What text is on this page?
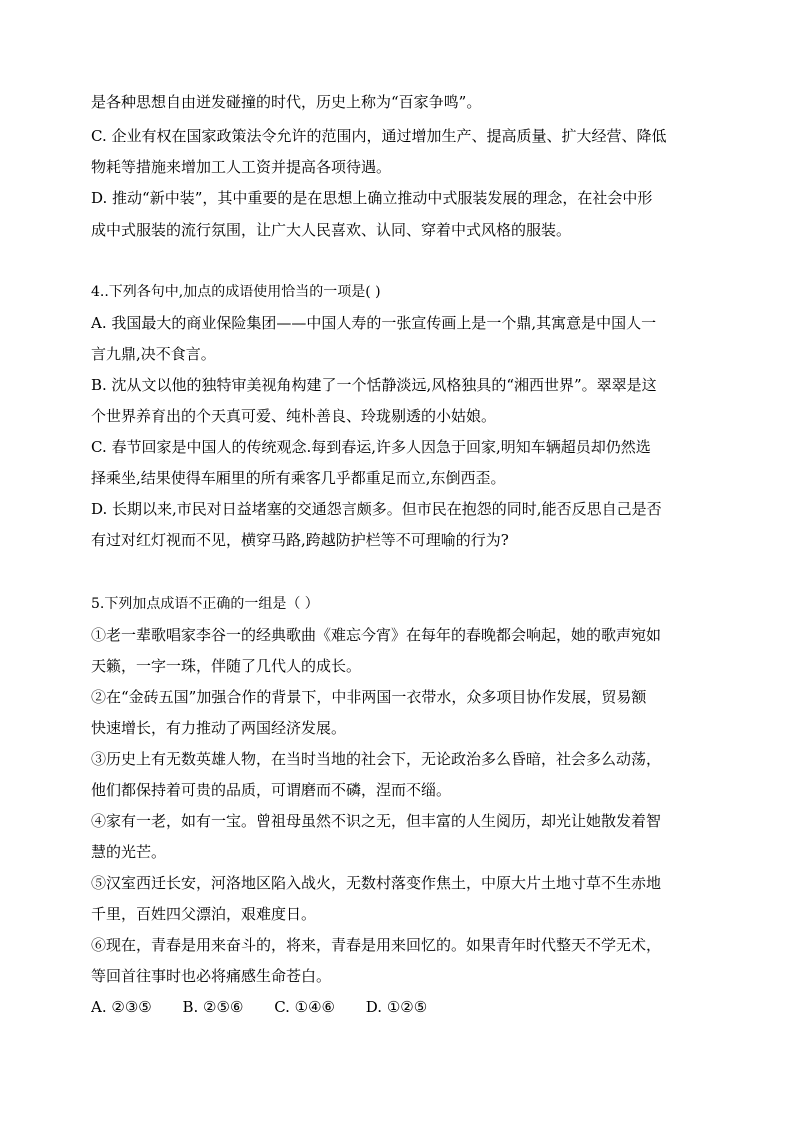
是各种思想自由迸发碰撞的时代，历史上称为“百家争鸣”。
C. 企业有权在国家政策法令允许的范围内，通过增加生产、提高质量、扩大经营、降低
物耗等措施来增加工人工资并提高各项待遇。
D. 推动“新中装”，其中重要的是在思想上确立推动中式服装发展的理念，在社会中形
成中式服装的流行氛围，让广大人民喜欢、认同、穿着中式风格的服装。
4..下列各句中,加点的成语使用恰当的一项是( )
A. 我国最大的商业保险集团——中国人寿的一张宣传画上是一个鼎,其寓意是中国人一
言九鼎,决不食言。
B. 沈从文以他的独特审美视角构建了一个恬静淡远,风格独具的“湘西世界”。翠翠是这
个世界养育出的个天真可爱、纯朴善良、玲珑剔透的小姑娘。
C. 春节回家是中国人的传统观念.每到春运,许多人因急于回家,明知车辆超员却仍然选
择乘坐,结果使得车厢里的所有乘客几乎都重足而立,东倒西歪。
D. 长期以来,市民对日益堵塞的交通怨言颇多。但市民在抱怨的同时,能否反思自己是否
有过对红灯视而不见，横穿马路,跨越防护栏等不可理喻的行为?
5.下列加点成语不正确的一组是（ ）
①老一辈歌唱家李谷一的经典歌曲《难忘今宵》在每年的春晚都会响起，她的歌声宛如
天籁，一字一珠，伴随了几代人的成长。
②在“金砖五国”加强合作的背景下，中非两国一衣带水，众多项目协作发展，贸易额
快速增长，有力推动了两国经济发展。
③历史上有无数英雄人物，在当时当地的社会下，无论政治多么昏暗，社会多么动荡，
他们都保持着可贵的品质，可谓磨而不磷，涅而不缁。
④家有一老，如有一宝。曾祖母虽然不识之无，但丰富的人生阅历，却光让她散发着智
慧的光芒。
⑤汉室西迁长安，河洛地区陷入战火，无数村落变作焦土，中原大片土地寸草不生赤地
千里，百姓四父漂泊，艰难度日。
⑥现在，青春是用来奋斗的，将来，青春是用来回忆的。如果青年时代整天不学无术，
等回首往事时也必将痛感生命苍白。
A. ②③⑤ B. ②⑤⑥ C. ①④⑥ D. ①②⑤
